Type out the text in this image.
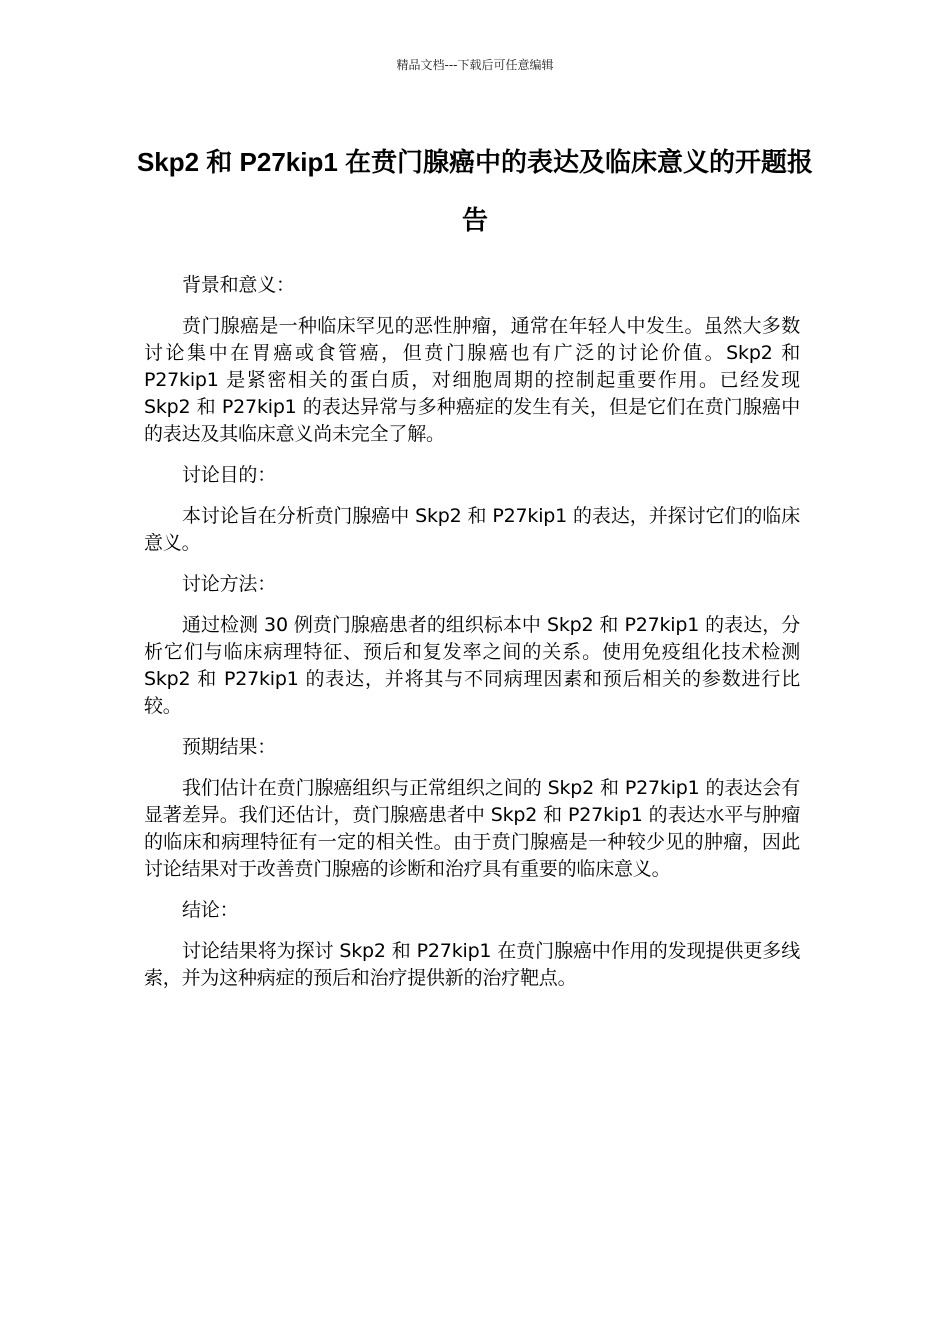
精品文档---下载后可任意编辑
Skp2 和 P27kip1 在贲门腺癌中的表达及临床意义的开题报告

背景和意义：

贲门腺癌是一种临床罕见的恶性肿瘤，通常在年轻人中发生。虽然大多数讨论集中在胃癌或食管癌，但贲门腺癌也有广泛的讨论价值。Skp2 和 P27kip1 是紧密相关的蛋白质，对细胞周期的控制起重要作用。已经发现 Skp2 和 P27kip1 的表达异常与多种癌症的发生有关，但是它们在贲门腺癌中的表达及其临床意义尚未完全了解。

讨论目的：

本讨论旨在分析贲门腺癌中 Skp2 和 P27kip1 的表达，并探讨它们的临床意义。

讨论方法：

通过检测 30 例贲门腺癌患者的组织标本中 Skp2 和 P27kip1 的表达，分析它们与临床病理特征、预后和复发率之间的关系。使用免疫组化技术检测 Skp2 和 P27kip1 的表达，并将其与不同病理因素和预后相关的参数进行比较。

预期结果：

我们估计在贲门腺癌组织与正常组织之间的 Skp2 和 P27kip1 的表达会有显著差异。我们还估计，贲门腺癌患者中 Skp2 和 P27kip1 的表达水平与肿瘤的临床和病理特征有一定的相关性。由于贲门腺癌是一种较少见的肿瘤，因此讨论结果对于改善贲门腺癌的诊断和治疗具有重要的临床意义。

结论：

讨论结果将为探讨 Skp2 和 P27kip1 在贲门腺癌中作用的发现提供更多线索，并为这种病症的预后和治疗提供新的治疗靶点。
